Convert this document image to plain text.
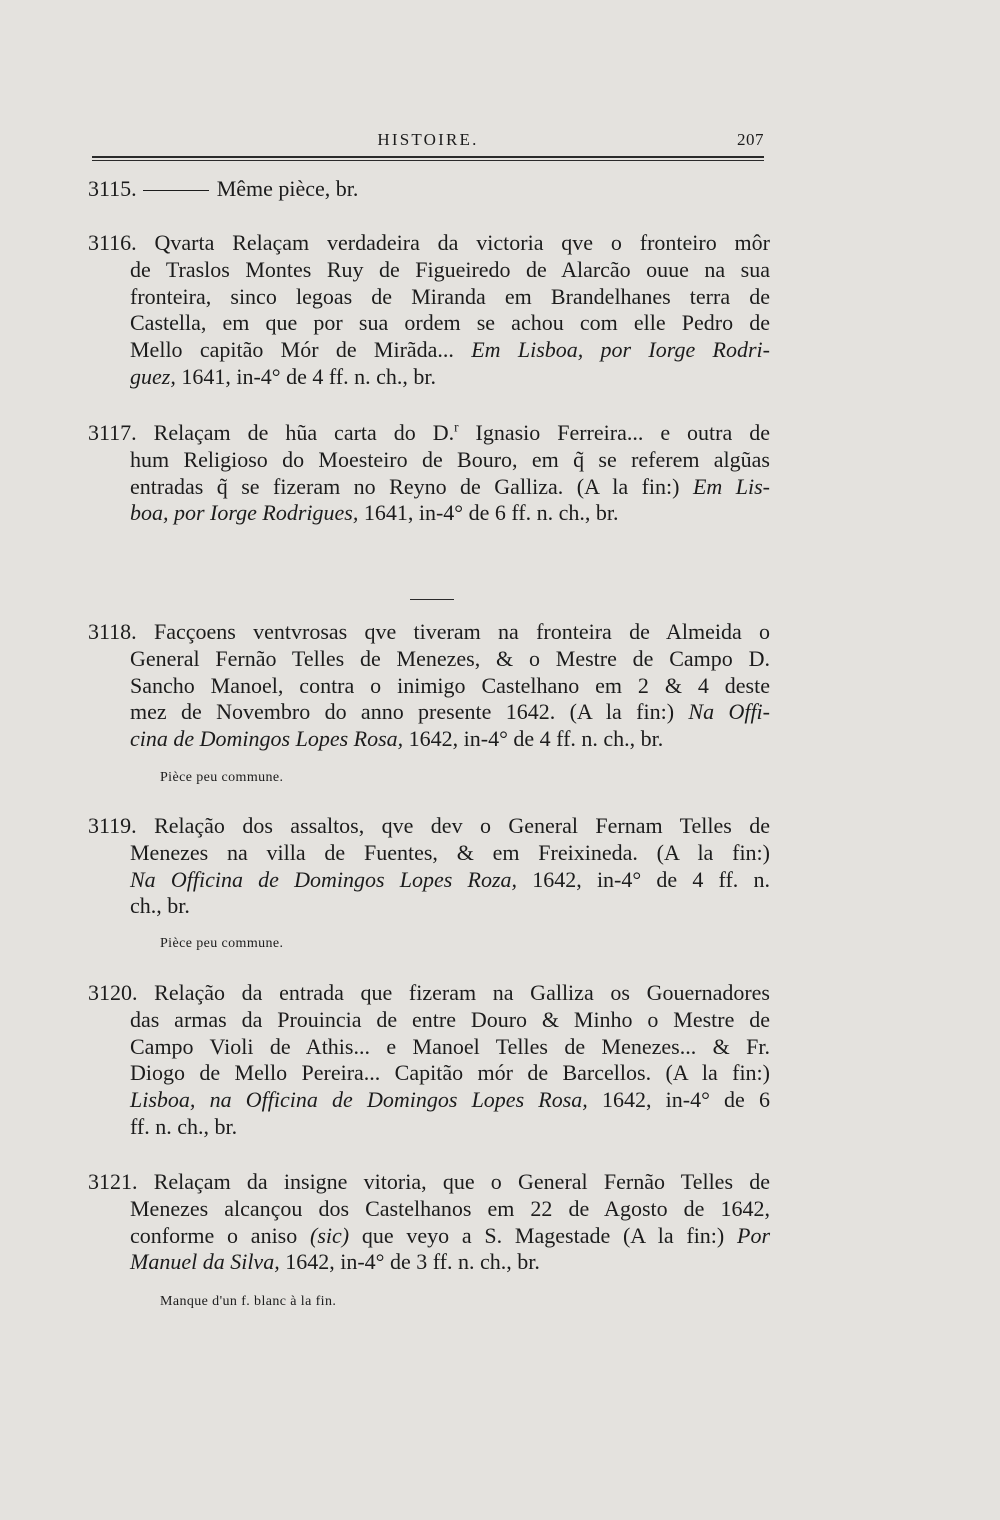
HISTOIRE.	207
3115.	Même pièce, br.
3116. Qvarta Relaçam verdadeira da victoria qve o fronteiro môr
de Traslos Montes Ruy de Figueiredo de Alarcão ouue na sua
fronteira, sinco legoas de Miranda em Brandelhanes terra de
Castella, em que por sua ordem se achou com elle Pedro de
Mello capitão Mór de Mirãda... Em Lisboa, por Iorge Rodri-
guez, 1641, in-4° de 4 ff. n. ch., br.
3117. Relaçam de hũa carta do D.$^r$ Ignasio Ferreira... e outra de
hum Religioso do Moesteiro de Bouro, em q̃ se referem algũas
entradas q̃ se fizeram no Reyno de Galliza. (A la fin:) Em Lis-
boa, por Iorge Rodrigues, 1641, in-4° de 6 ff. n. ch., br.
3118. Facçoens ventvrosas qve tiveram na fronteira de Almeida o
General Fernão Telles de Menezes, & o Mestre de Campo D.
Sancho Manoel, contra o inimigo Castelhano em 2 & 4 deste
mez de Novembro do anno presente 1642. (A la fin:) Na Offi-
cina de Domingos Lopes Rosa, 1642, in-4° de 4 ff. n. ch., br.
Pièce peu commune.
3119. Relação dos assaltos, qve dev o General Fernam Telles de
Menezes na villa de Fuentes, & em Freixineda. (A la fin:)
Na Officina de Domingos Lopes Roza, 1642, in-4° de 4 ff. n.
ch., br.
Pièce peu commune.
3120. Relação da entrada que fizeram na Galliza os Gouernadores
das armas da Prouincia de entre Douro & Minho o Mestre de
Campo Violi de Athis... e Manoel Telles de Menezes... & Fr.
Diogo de Mello Pereira... Capitão mór de Barcellos. (A la fin:)
Lisboa, na Officina de Domingos Lopes Rosa, 1642, in-4° de 6
ff. n. ch., br.
3121. Relaçam da insigne vitoria, que o General Fernão Telles de
Menezes alcançou dos Castelhanos em 22 de Agosto de 1642,
conforme o aniso (sic) que veyo a S. Magestade (A la fin:) Por
Manuel da Silva, 1642, in-4° de 3 ff. n. ch., br.
Manque d'un f. blanc à la fin.
